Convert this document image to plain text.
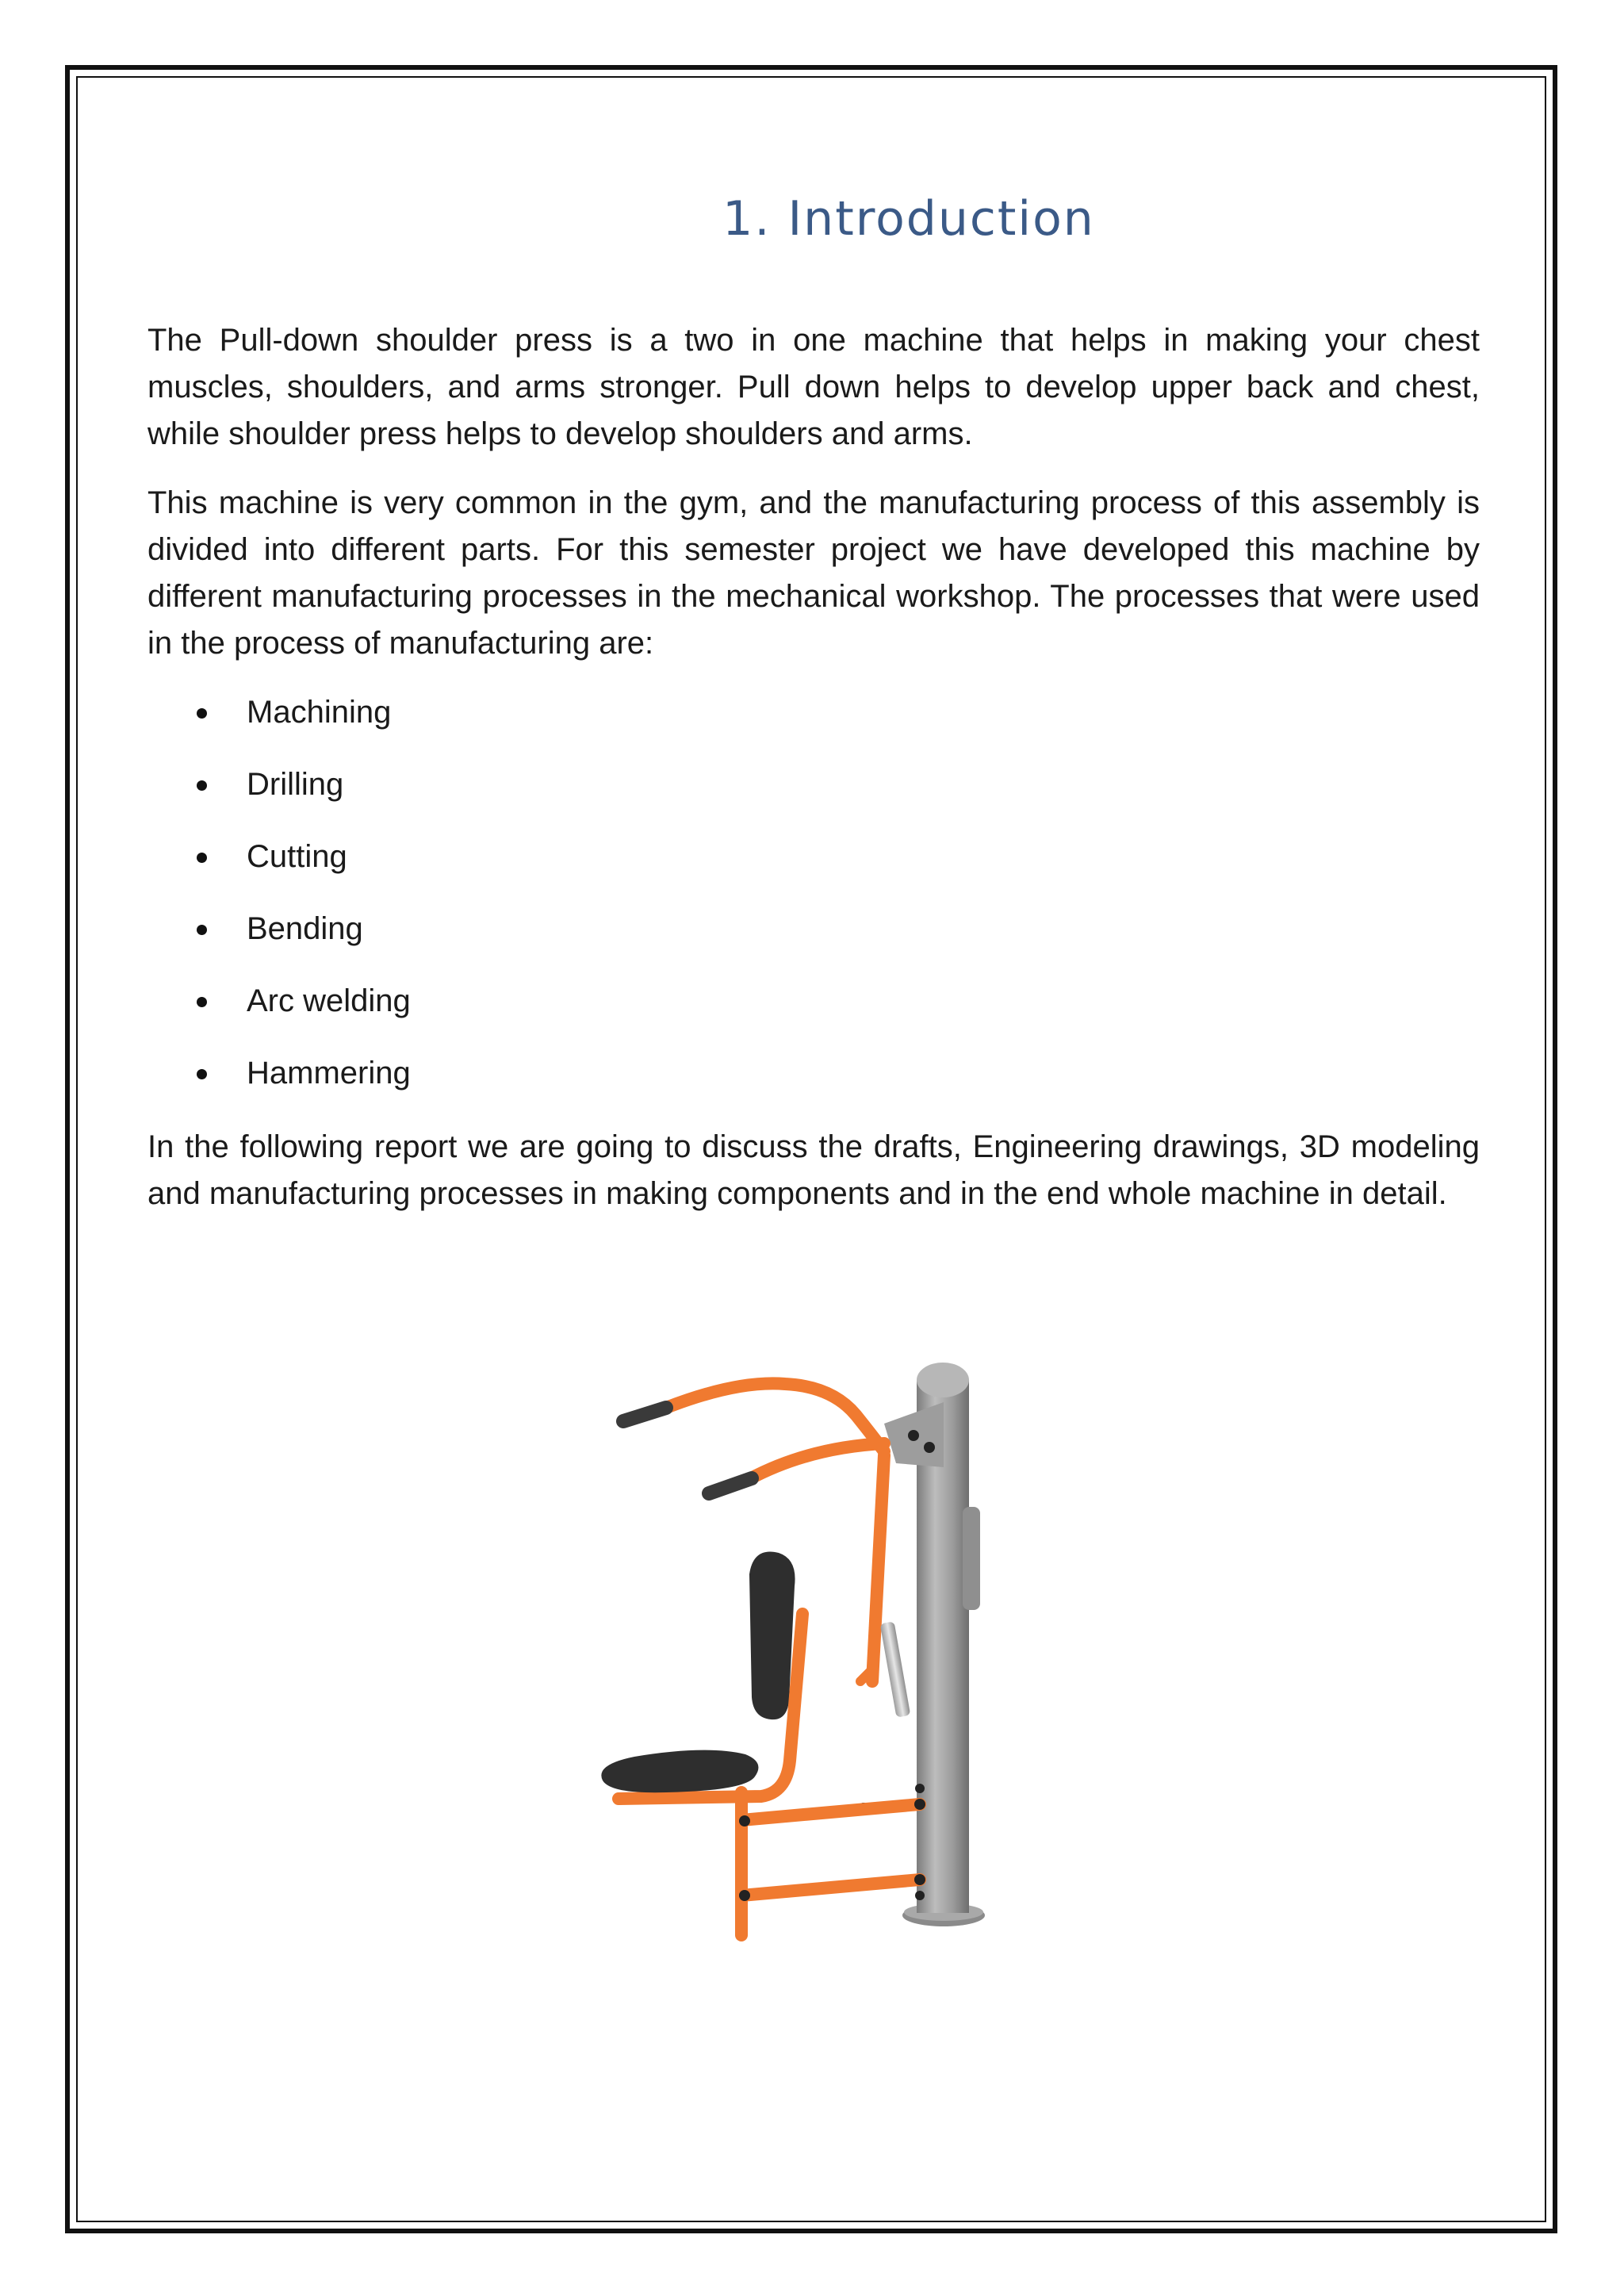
1. Introduction

The Pull-down shoulder press is a two in one machine that helps in making your chest muscles, shoulders, and arms stronger. Pull down helps to develop upper back and chest, while shoulder press helps to develop shoulders and arms.

This machine is very common in the gym, and the manufacturing process of this assembly is divided into different parts. For this semester project we have developed this machine by different manufacturing processes in the mechanical workshop. The processes that were used in the process of manufacturing are:

Machining
Drilling
Cutting
Bending
Arc welding
Hammering

In the following report we are going to discuss the drafts, Engineering drawings, 3D modeling and manufacturing processes in making components and in the end whole machine in detail.
